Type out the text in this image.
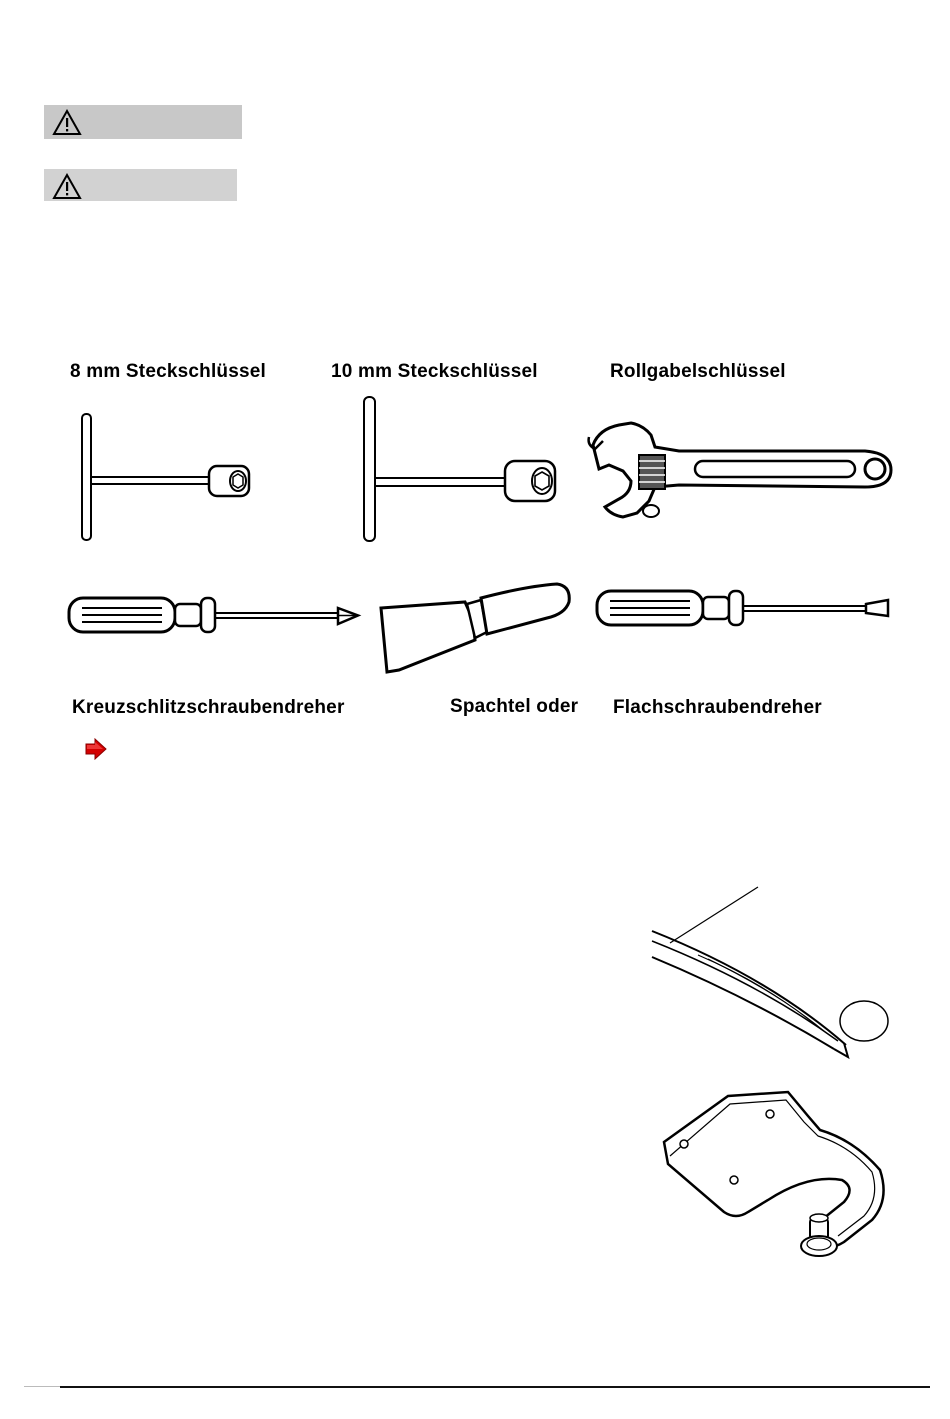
8 mm Steckschlüssel	10 mm Steckschlüssel	Rollgabelschlüssel
Kreuzschlitzschraubendreher	Spachtel oder Flachschraubendreher
